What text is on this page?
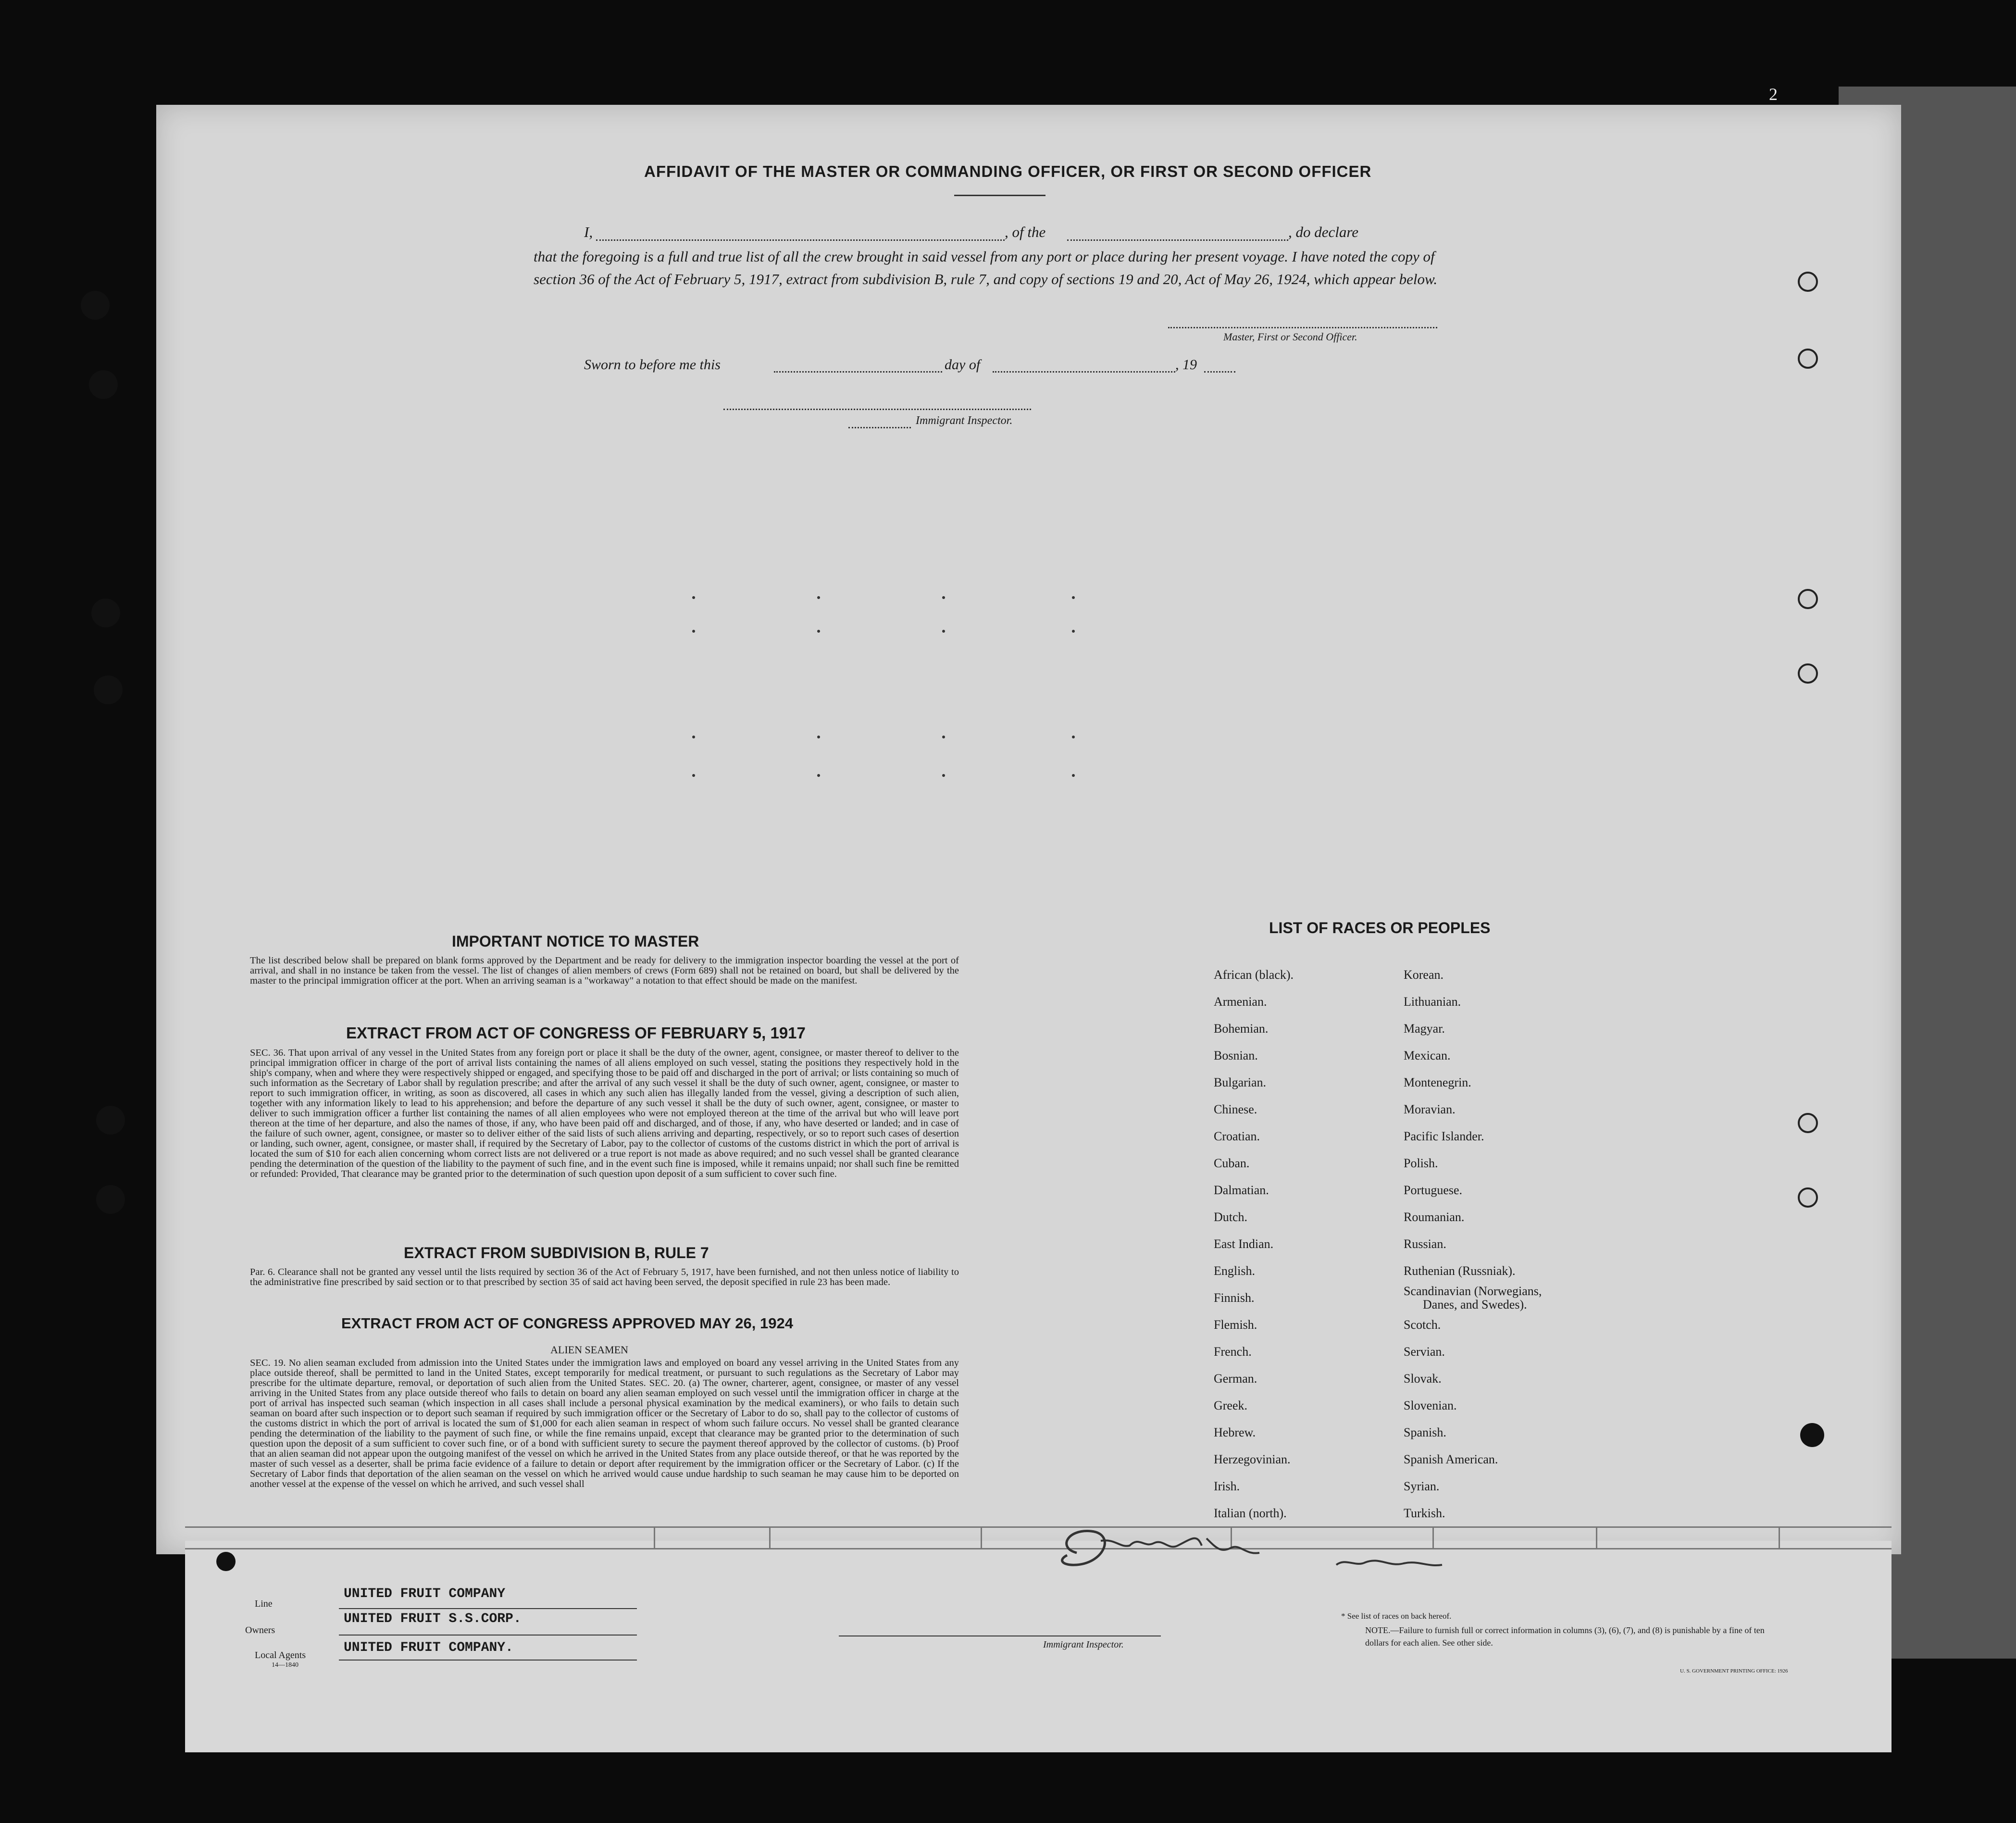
2
AFFIDAVIT OF THE MASTER OR COMMANDING OFFICER, OR FIRST OR SECOND OFFICER
I,	, of the	, do declare
that the foregoing is a full and true list of all the crew brought in said vessel from any port or place during her present voyage. I have noted the copy of section 36 of the Act of February 5, 1917, extract from subdivision B, rule 7, and copy of sections 19 and 20, Act of May 26, 1924, which appear below.
Master, First or Second Officer.
Sworn to before me this	day of	, 19
Immigrant Inspector.
IMPORTANT NOTICE TO MASTER
The list described below shall be prepared on blank forms approved by the Department and be ready for delivery to the immigration inspector boarding the vessel at the port of arrival, and shall in no instance be taken from the vessel. The list of changes of alien members of crews (Form 689) shall not be retained on board, but shall be delivered by the master to the principal immigration officer at the port. When an arriving seaman is a "workaway" a notation to that effect should be made on the manifest.
EXTRACT FROM ACT OF CONGRESS OF FEBRUARY 5, 1917
SEC. 36. That upon arrival of any vessel in the United States from any foreign port or place it shall be the duty of the owner, agent, consignee, or master thereof to deliver to the principal immigration officer in charge of the port of arrival lists containing the names of all aliens employed on such vessel, stating the positions they respectively hold in the ship's company, when and where they were respectively shipped or engaged, and specifying those to be paid off and discharged in the port of arrival; or lists containing so much of such information as the Secretary of Labor shall by regulation prescribe; and after the arrival of any such vessel it shall be the duty of such owner, agent, consignee, or master to report to such immigration officer, in writing, as soon as discovered, all cases in which any such alien has illegally landed from the vessel, giving a description of such alien, together with any information likely to lead to his apprehension; and before the departure of any such vessel it shall be the duty of such owner, agent, consignee, or master to deliver to such immigration officer a further list containing the names of all alien employees who were not employed thereon at the time of the arrival but who will leave port thereon at the time of her departure, and also the names of those, if any, who have been paid off and discharged, and of those, if any, who have deserted or landed; and in case of the failure of such owner, agent, consignee, or master so to deliver either of the said lists of such aliens arriving and departing, respectively, or so to report such cases of desertion or landing, such owner, agent, consignee, or master shall, if required by the Secretary of Labor, pay to the collector of customs of the customs district in which the port of arrival is located the sum of $10 for each alien concerning whom correct lists are not delivered or a true report is not made as above required; and no such vessel shall be granted clearance pending the determination of the question of the liability to the payment of such fine, and in the event such fine is imposed, while it remains unpaid; nor shall such fine be remitted or refunded: Provided, That clearance may be granted prior to the determination of such question upon deposit of a sum sufficient to cover such fine.
EXTRACT FROM SUBDIVISION B, RULE 7
Par. 6. Clearance shall not be granted any vessel until the lists required by section 36 of the Act of February 5, 1917, have been furnished, and not then unless notice of liability to the administrative fine prescribed by said section or to that prescribed by section 35 of said act having been served, the deposit specified in rule 23 has been made.
EXTRACT FROM ACT OF CONGRESS APPROVED MAY 26, 1924
ALIEN SEAMEN
SEC. 19. No alien seaman excluded from admission into the United States under the immigration laws and employed on board any vessel arriving in the United States from any place outside thereof, shall be permitted to land in the United States, except temporarily for medical treatment, or pursuant to such regulations as the Secretary of Labor may prescribe for the ultimate departure, removal, or deportation of such alien from the United States. SEC. 20. (a) The owner, charterer, agent, consignee, or master of any vessel arriving in the United States from any place outside thereof who fails to detain on board any alien seaman employed on such vessel until the immigration officer in charge at the port of arrival has inspected such seaman (which inspection in all cases shall include a personal physical examination by the medical examiners), or who fails to detain such seaman on board after such inspection or to deport such seaman if required by such immigration officer or the Secretary of Labor to do so, shall pay to the collector of customs of the customs district in which the port of arrival is located the sum of $1,000 for each alien seaman in respect of whom such failure occurs. No vessel shall be granted clearance pending the determination of the liability to the payment of such fine, or while the fine remains unpaid, except that clearance may be granted prior to the determination of such question upon the deposit of a sum sufficient to cover such fine, or of a bond with sufficient surety to secure the payment thereof approved by the collector of customs. (b) Proof that an alien seaman did not appear upon the outgoing manifest of the vessel on which he arrived in the United States from any place outside thereof, or that he was reported by the master of such vessel as a deserter, shall be prima facie evidence of a failure to detain or deport after requirement by the immigration officer or the Secretary of Labor. (c) If the Secretary of Labor finds that deportation of the alien seaman on the vessel on which he arrived would cause undue hardship to such seaman he may cause him to be deported on another vessel at the expense of the vessel on which he arrived, and such vessel shall
LIST OF RACES OR PEOPLES
African (black).
Armenian.
Bohemian.
Bosnian.
Bulgarian.
Chinese.
Croatian.
Cuban.
Dalmatian.
Dutch.
East Indian.
English.
Finnish.
Flemish.
French.
German.
Greek.
Hebrew.
Herzegovinian.
Irish.
Italian (north).
Korean.
Lithuanian.
Magyar.
Mexican.
Montenegrin.
Moravian.
Pacific Islander.
Polish.
Portuguese.
Roumanian.
Russian.
Ruthenian (Russniak).
Scandinavian (Norwegians,
Danes, and Swedes).
Scotch.
Servian.
Slovak.
Slovenian.
Spanish.
Spanish American.
Syrian.
Turkish.
Line
UNITED FRUIT COMPANY
Owners
UNITED FRUIT S.S.CORP.
Local Agents	UNITED FRUIT COMPANY.
14—1840
Immigrant Inspector.
* See list of races on back hereof.
NOTE.—Failure to furnish full or correct information in columns (3), (6), (7), and (8) is punishable by a fine of ten dollars for each alien. See other side.
U. S. GOVERNMENT PRINTING OFFICE: 1926
